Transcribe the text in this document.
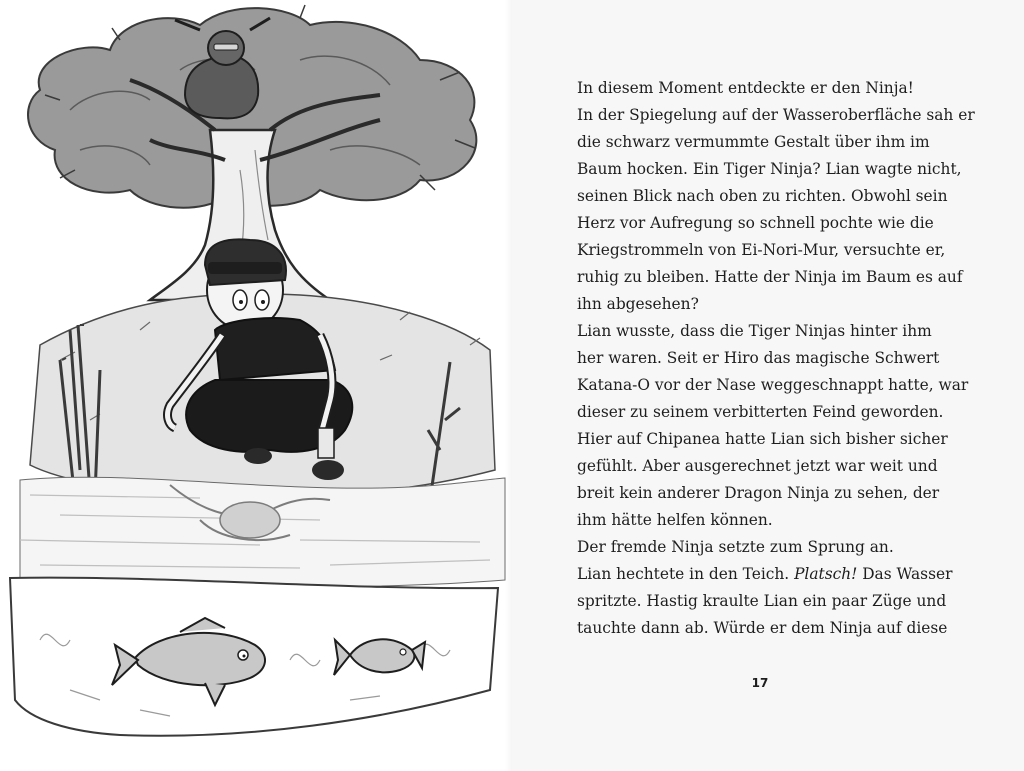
In diesem Moment entdeckte er den Ninja!
In der Spiegelung auf der Wasseroberfläche sah er
die schwarz vermummte Gestalt über ihm im
Baum hocken. Ein Tiger Ninja? Lian wagte nicht,
seinen Blick nach oben zu richten. Obwohl sein
Herz vor Aufregung so schnell pochte wie die
Kriegstrommeln von Ei-Nori-Mur, versuchte er,
ruhig zu bleiben. Hatte der Ninja im Baum es auf
ihn abgesehen?
Lian wusste, dass die Tiger Ninjas hinter ihm
her waren. Seit er Hiro das magische Schwert
Katana-O vor der Nase weggeschnappt hatte, war
dieser zu seinem verbitterten Feind geworden.
Hier auf Chipanea hatte Lian sich bisher sicher
gefühlt. Aber ausgerechnet jetzt war weit und
breit kein anderer Dragon Ninja zu sehen, der
ihm hätte helfen können.
Der fremde Ninja setzte zum Sprung an.
Lian hechtete in den Teich. Platsch! Das Wasser
spritzte. Hastig kraulte Lian ein paar Züge und
tauchte dann ab. Würde er dem Ninja auf diese
17
